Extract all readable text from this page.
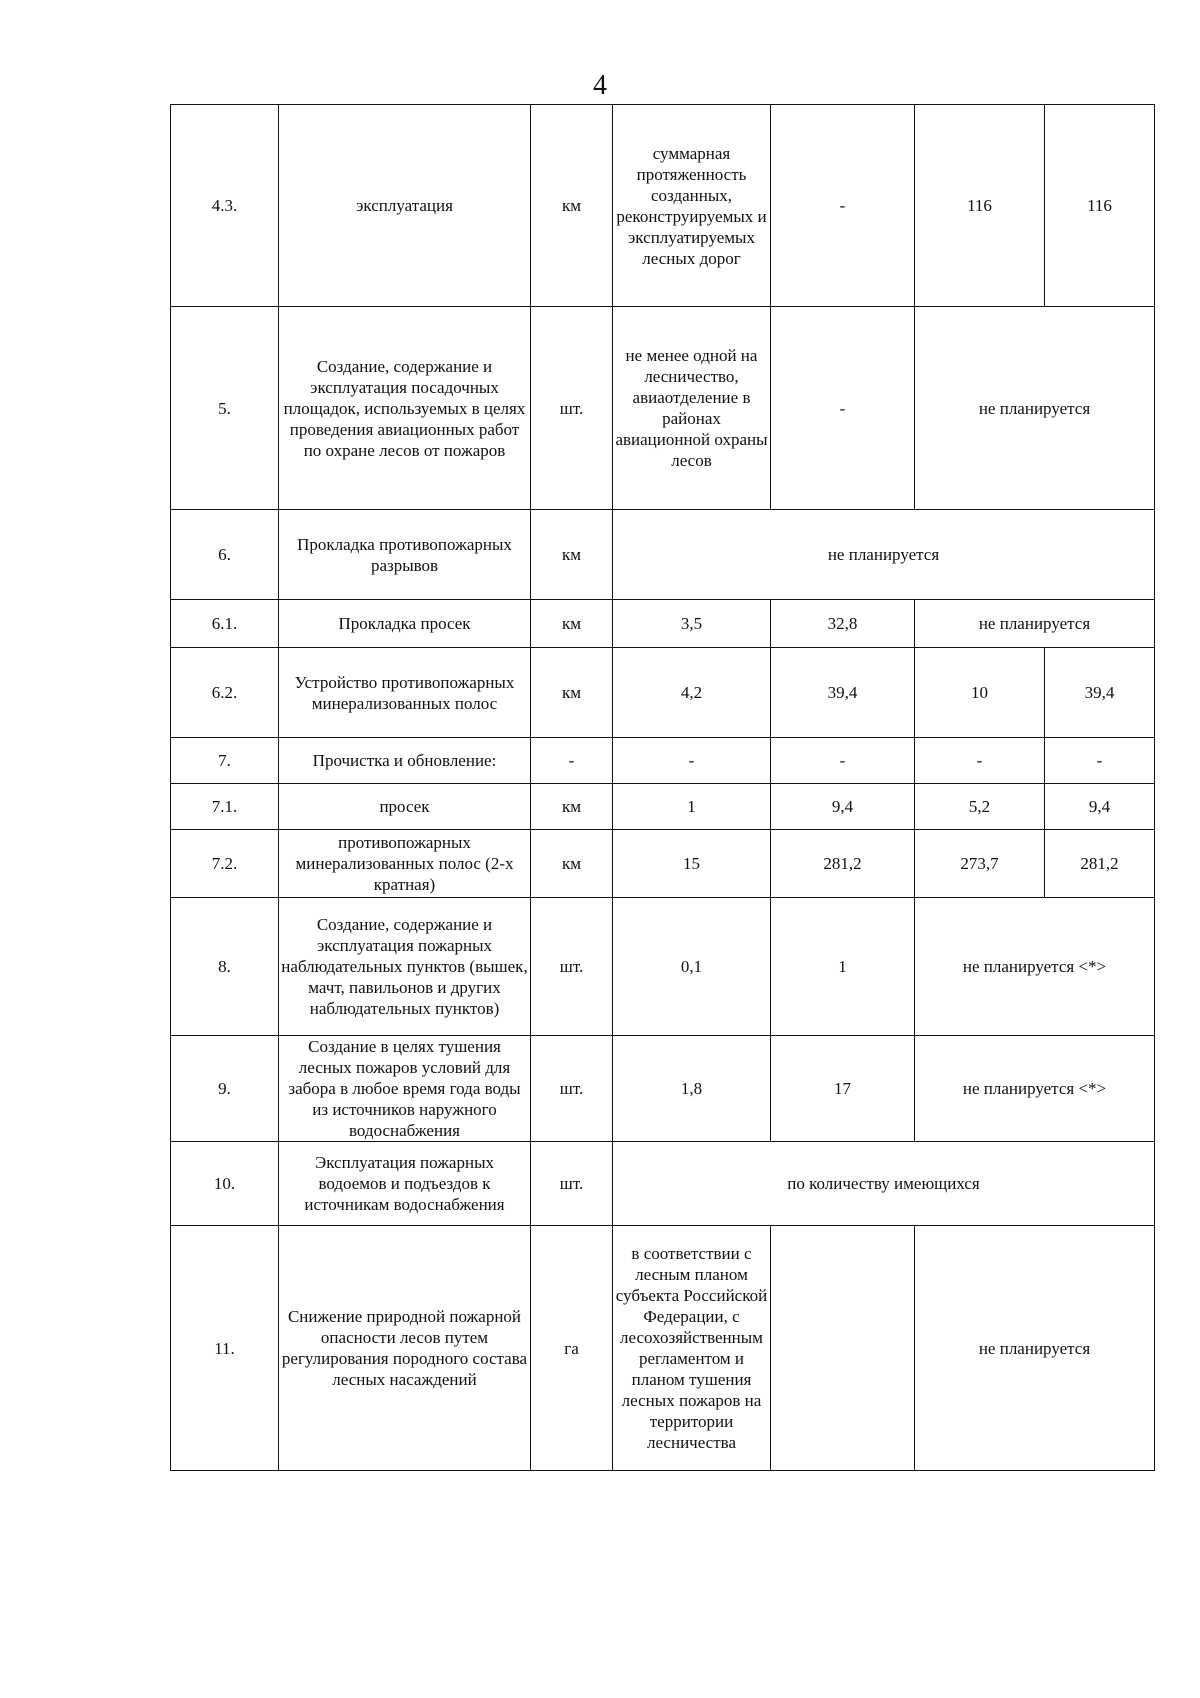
4
4.3.	эксплуатация	км	суммарная протяженность созданных, реконструируемых и эксплуатируемых лесных дорог	-	116	116
5.	Создание, содержание и эксплуатация посадочных площадок, используемых в целях проведения авиационных работ по охране лесов от пожаров	шт.	не менее одной на лесничество, авиаотделение в районах авиационной охраны лесов	-	не планируется	
6.	Прокладка противопожарных разрывов	км	не планируется			
6.1.	Прокладка просек	км	3,5	32,8	не планируется	
6.2.	Устройство противопожарных минерализованных полос	км	4,2	39,4	10	39,4
7.	Прочистка и обновление:	-	-	-	-	-
7.1.	просек	км	1	9,4	5,2	9,4
7.2.	противопожарных минерализованных полос (2-х кратная)	км	15	281,2	273,7	281,2
8.	Создание, содержание и эксплуатация пожарных наблюдательных пунктов (вышек, мачт, павильонов и других наблюдательных пунктов)	шт.	0,1	1	не планируется <*>	
9.	Создание в целях тушения лесных пожаров условий для забора в любое время года воды из источников наружного водоснабжения	шт.	1,8	17	не планируется <*>	
10.	Эксплуатация пожарных водоемов и подъездов к источникам водоснабжения	шт.	по количеству имеющихся			
11.	Снижение природной пожарной опасности лесов путем регулирования породного состава лесных насаждений	га	в соответствии с лесным планом субъекта Российской Федерации, с лесохозяйственным регламентом и планом тушения лесных пожаров на территории лесничества		не планируется	
